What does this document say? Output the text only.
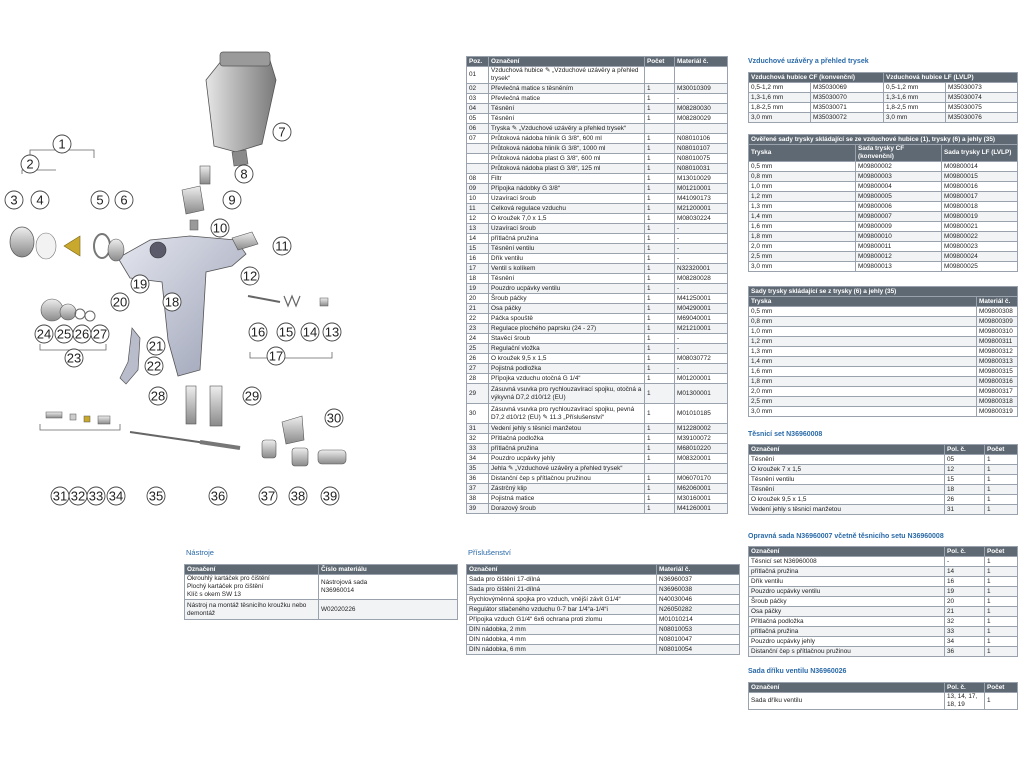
1
2
3 4	5 6
7
8
9
10
11
12
13
14
15
16
17
18
19
20
21
22
23
24 25 26 27
28	29
30
31 32 33 34 35	36	37 38 39
Poz.	Označení	Počet	Materiál č.
01	Vzduchová hubice ✎ „Vzduchové uzávěry a přehled trysek“		
02	Převlečná matice s těsněním	1	M30010309
03	Převlečná matice	1	-
04	Těsnění	1	M08280030
05	Těsnění	1	M08280029
06	Tryska ✎ „Vzduchové uzávěry a přehled trysek“		
07	Průtoková nádoba hliník G 3/8“, 600 ml	1	N08010106
	Průtoková nádoba hliník G 3/8“, 1000 ml	1	N08010107
	Průtoková nádoba plast G 3/8“, 600 ml	1	N08010075
	Průtoková nádoba plast G 3/8“, 125 ml	1	N08010031
08	Filtr	1	M13010029
09	Přípojka nádobky G 3/8“	1	M01210001
10	Uzavírací šroub	1	M41090173
11	Celková regulace vzduchu	1	M21200001
12	O kroužek 7,0 x 1,5	1	M08030224
13	Uzavírací šroub	1	-
14	přítlačná pružina	1	-
15	Těsnění ventilu	1	-
16	Dřík ventilu	1	-
17	Ventil s kolíkem	1	N32320001
18	Těsnění	1	M08280028
19	Pouzdro ucpávky ventilu	1	-
20	Šroub páčky	1	M41250001
21	Osa páčky	1	M04290001
22	Páčka spouště	1	M69040001
23	Regulace plochého paprsku (24 - 27)	1	M21210001
24	Stavěcí šroub	1	-
25	Regulační vložka	1	-
26	O kroužek 9,5 x 1,5	1	M08030772
27	Pojistná podložka	1	-
28	Přípojka vzduchu otočná G 1/4“	1	M01200001
29	Zásuvná vsuvka pro rychlouzavírací spojku, otočná a výkyvná D7,2 d10/12 (EU)	1	M01300001
30	Zásuvná vsuvka pro rychlouzavírací spojku, pevná D7,2 d10/12 (EU) ✎ 11.3 „Příslušenství“	1	M01010185
31	Vedení jehly s těsnicí manžetou	1	M12280002
32	Přítlačná podložka	1	M39100072
33	přítlačná pružina	1	M68010220
34	Pouzdro ucpávky jehly	1	M08320001
35	Jehla ✎ „Vzduchové uzávěry a přehled trysek“		
36	Distanční čep s přítlačnou pružinou	1	M06070170
37	Zástrčný klip	1	M62060001
38	Pojistná matice	1	M30160001
39	Dorazový šroub	1	M41260001
Vzduchové uzávěry a přehled trysek
Vzduchová hubice CF (konvenční)		Vzduchová hubice LF (LVLP)	
0,5-1,2 mm	M35030069	0,5-1,2 mm	M35030073
1,3-1,6 mm	M35030070	1,3-1,6 mm	M35030074
1,8-2,5 mm	M35030071	1,8-2,5 mm	M35030075
3,0 mm	M35030072	3,0 mm	M35030076
Ověřené sady trysky skládající se ze vzduchové hubice (1), trysky (6) a jehly (35)		
Tryska	Sada trysky CF (konvenční)	Sada trysky LF (LVLP)
0,5 mm	M09800002	M09800014
0,8 mm	M09800003	M09800015
1,0 mm	M09800004	M09800016
1,2 mm	M09800005	M09800017
1,3 mm	M09800006	M09800018
1,4 mm	M09800007	M09800019
1,6 mm	M09800009	M09800021
1,8 mm	M09800010	M09800022
2,0 mm	M09800011	M09800023
2,5 mm	M09800012	M09800024
3,0 mm	M09800013	M09800025
Sady trysky skládající se z trysky (6) a jehly (35)	
Tryska	Materiál č.
0,5 mm	M09800308
0,8 mm	M09800309
1,0 mm	M09800310
1,2 mm	M09800311
1,3 mm	M09800312
1,4 mm	M09800313
1,6 mm	M09800315
1,8 mm	M09800316
2,0 mm	M09800317
2,5 mm	M09800318
3,0 mm	M09800319
Těsnicí set N36960008
Označení	Pol. č.	Počet
Těsnění	05	1
O kroužek 7 x 1,5	12	1
Těsnění ventilu	15	1
Těsnění	18	1
O kroužek 9,5 x 1,5	26	1
Vedení jehly s těsnicí manžetou	31	1
Opravná sada N36960007 včetně těsnicího setu N36960008
Označení	Pol. č.	Počet
Těsnicí set N36960008	-	1
přítlačná pružina	14	1
Dřík ventilu	16	1
Pouzdro ucpávky ventilu	19	1
Šroub páčky	20	1
Osa páčky	21	1
Přítlačná podložka	32	1
přítlačná pružina	33	1
Pouzdro ucpávky jehly	34	1
Distanční čep s přítlačnou pružinou	36	1
Sada dříku ventilu N36960026
Označení	Pol. č.	Počet
Sada dříku ventilu	13, 14, 17, 18, 19	1
Nástroje
Označení	Číslo materiálu
Okrouhlý kartáček pro čištění
Plochý kartáček pro čištění
Klíč s okem SW 13	Nástrojová sada
N36960014
Nástroj na montáž těsnicího kroužku nebo demontáž	W02020226
Příslušenství
Označení	Materiál č.
Sada pro čištění 17-dílná	N36960037
Sada pro čištění 21-dílná	N36960038
Rychlovýměnná spojka pro vzduch, vnější závit G1/4“	N40030046
Regulátor stlačeného vzduchu 0-7 bar 1/4“a-1/4“i	N26050282
Přípojka vzduch G1/4“ 6x6 ochrana proti zlomu	M01010214
DIN nádobka, 2 mm	N08010053
DIN nádobka, 4 mm	N08010047
DIN nádobka, 6 mm	N08010054
